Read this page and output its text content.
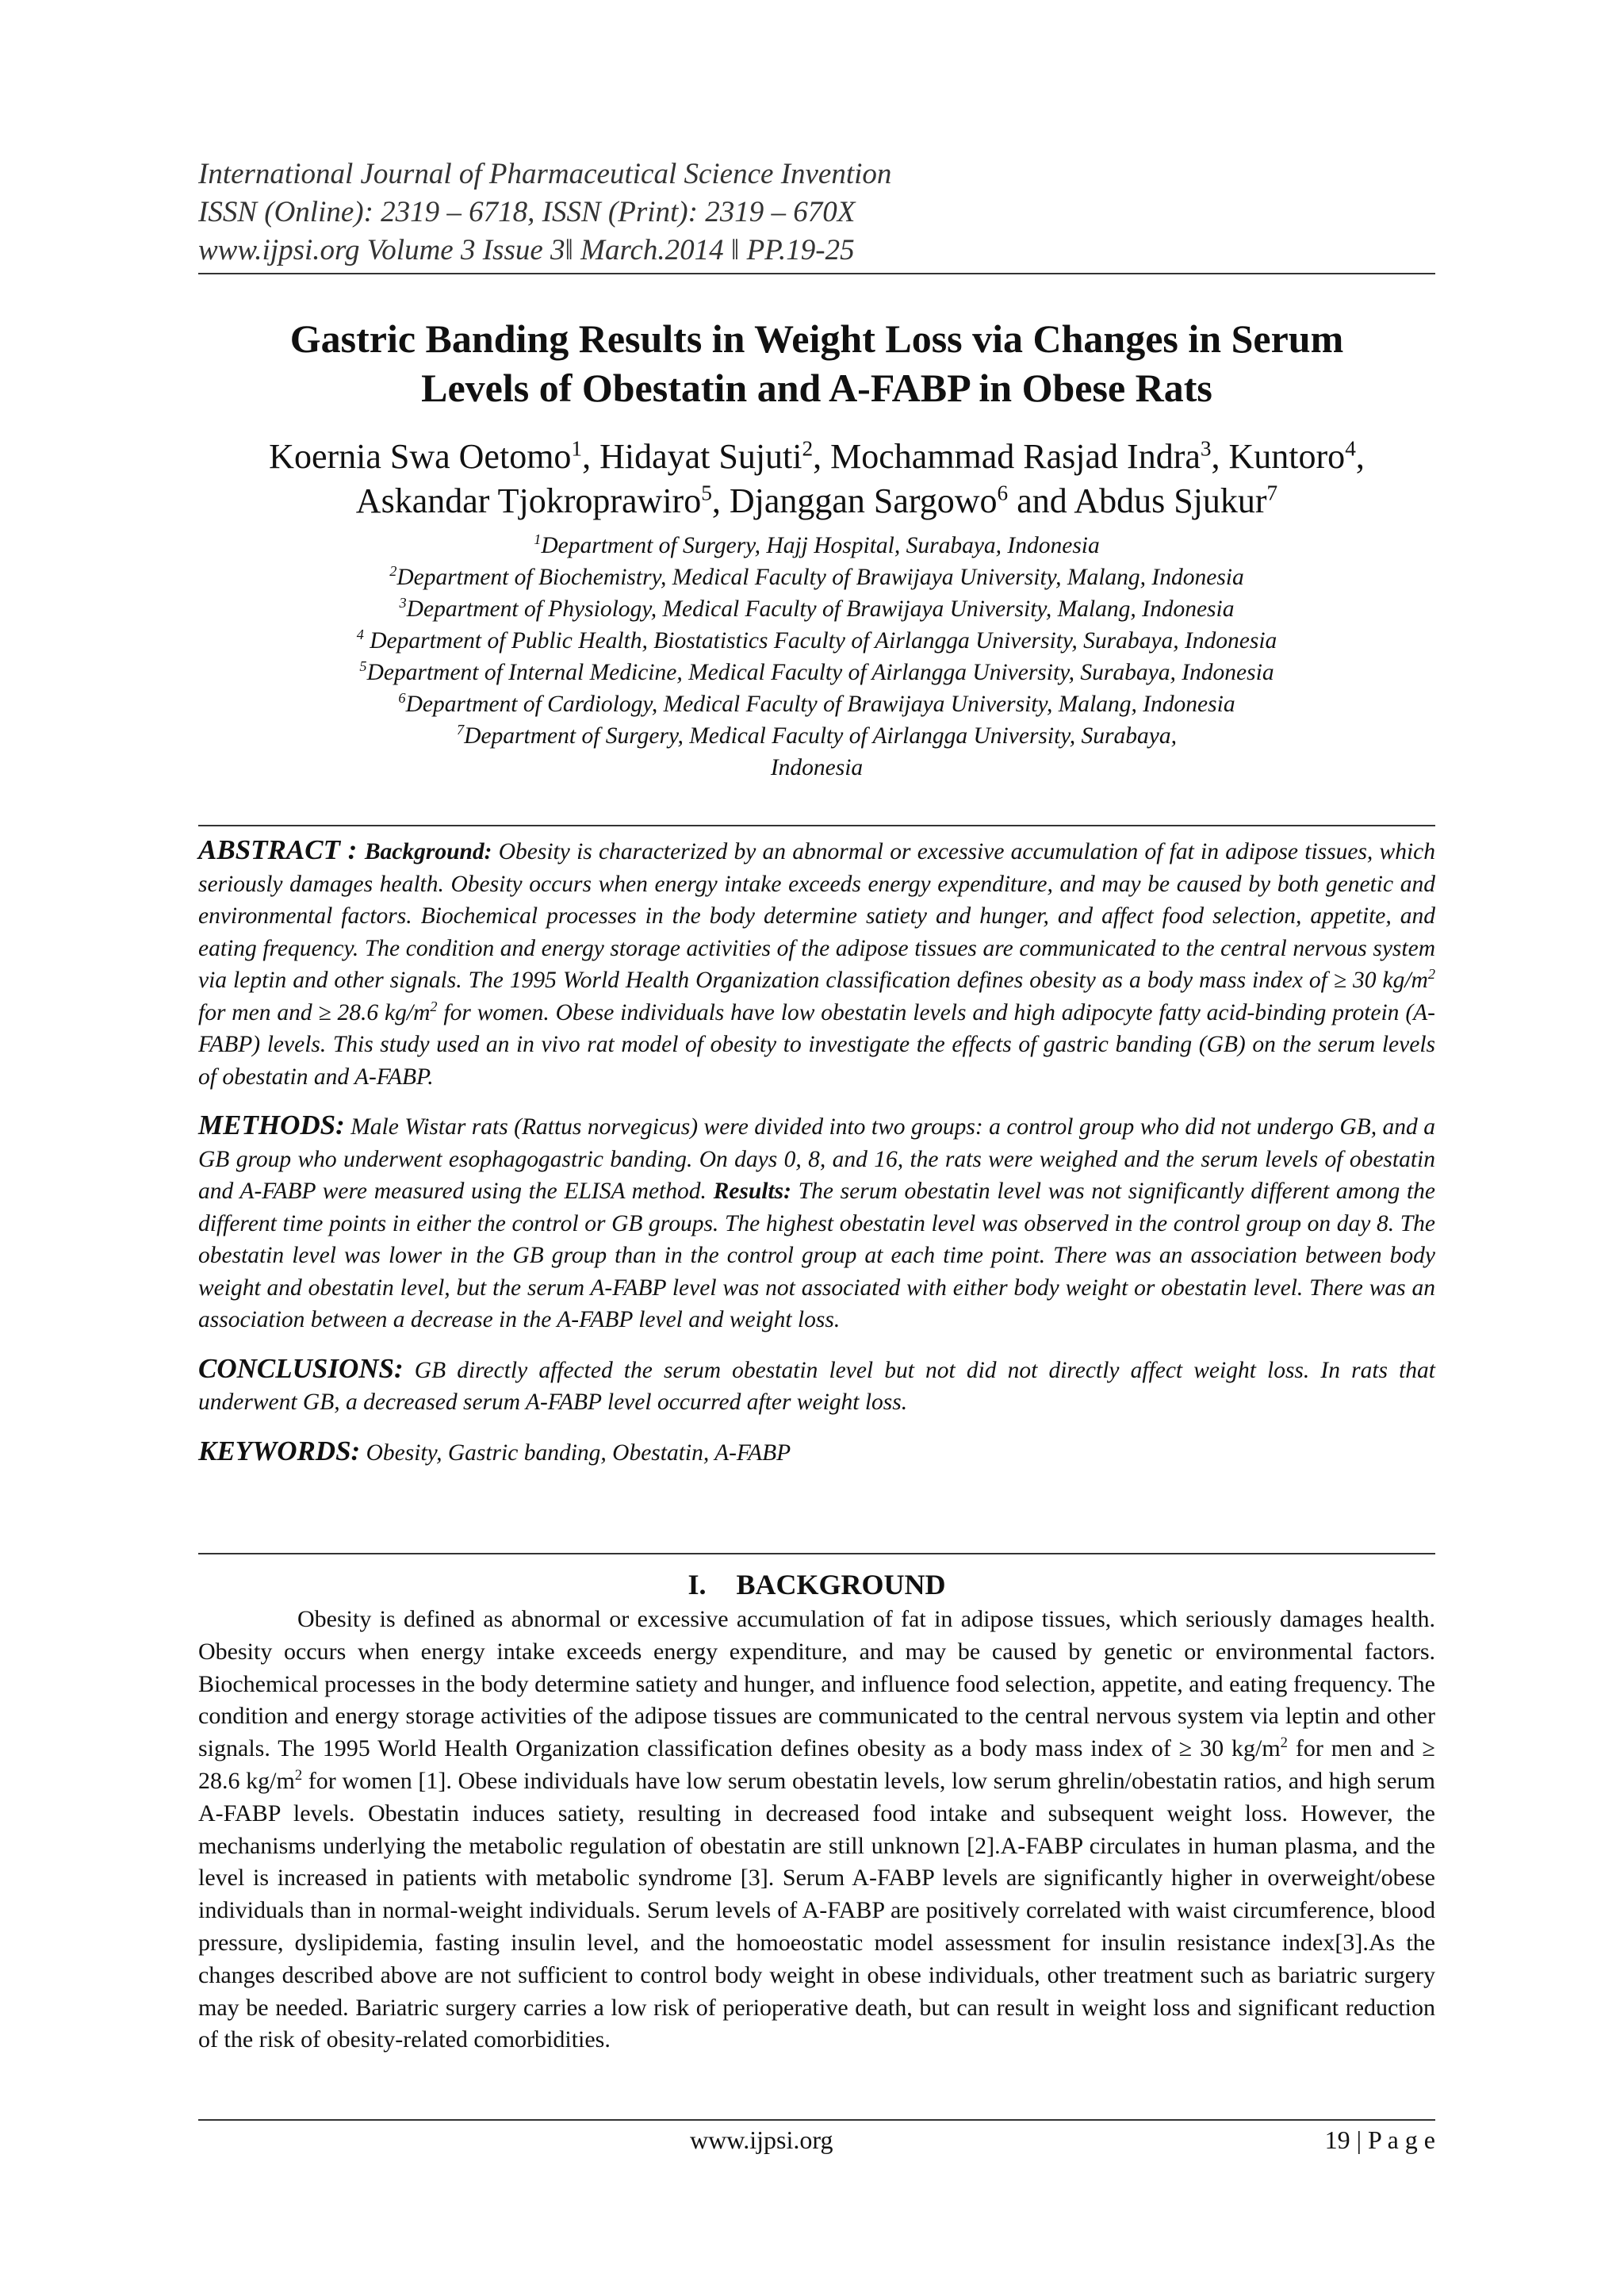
International Journal of Pharmaceutical Science Invention
ISSN (Online): 2319 – 6718, ISSN (Print): 2319 – 670X
www.ijpsi.org Volume 3 Issue 3‖ March.2014 ‖ PP.19-25
Gastric Banding Results in Weight Loss via Changes in Serum
Levels of Obestatin and A-FABP in Obese Rats
Koernia Swa Oetomo$^1$, Hidayat Sujuti$^2$, Mochammad Rasjad Indra$^3$, Kuntoro$^4$,
Askandar Tjokroprawiro$^5$, Djanggan Sargowo$^6$ and Abdus Sjukur$^7$
$^1$Department of Surgery, Hajj Hospital, Surabaya, Indonesia
$^2$Department of Biochemistry, Medical Faculty of Brawijaya University, Malang, Indonesia
$^3$Department of Physiology, Medical Faculty of Brawijaya University, Malang, Indonesia
$^4$ Department of Public Health, Biostatistics Faculty of Airlangga University, Surabaya, Indonesia
$^5$Department of Internal Medicine, Medical Faculty of Airlangga University, Surabaya, Indonesia
$^6$Department of Cardiology, Medical Faculty of Brawijaya University, Malang, Indonesia
$^7$Department of Surgery, Medical Faculty of Airlangga University, Surabaya,
Indonesia

ABSTRACT : Background: Obesity is characterized by an abnormal or excessive accumulation of fat in adipose tissues, which seriously damages health. Obesity occurs when energy intake exceeds energy expenditure, and may be caused by both genetic and environmental factors. Biochemical processes in the body determine satiety and hunger, and affect food selection, appetite, and eating frequency. The condition and energy storage activities of the adipose tissues are communicated to the central nervous system via leptin and other signals. The 1995 World Health Organization classification defines obesity as a body mass index of ≥ 30 $kg/m^2$ for men and ≥ 28.6 $kg/m^2$ for women. Obese individuals have low obestatin levels and high adipocyte fatty acid-binding protein (A-FABP) levels. This study used an in vivo rat model of obesity to investigate the effects of gastric banding (GB) on the serum levels of obestatin and A-FABP.

METHODS: Male Wistar rats (Rattus norvegicus) were divided into two groups: a control group who did not undergo GB, and a GB group who underwent esophagogastric banding. On days 0, 8, and 16, the rats were weighed and the serum levels of obestatin and A-FABP were measured using the ELISA method. Results: The serum obestatin level was not significantly different among the different time points in either the control or GB groups. The highest obestatin level was observed in the control group on day 8. The obestatin level was lower in the GB group than in the control group at each time point. There was an association between body weight and obestatin level, but the serum A-FABP level was not associated with either body weight or obestatin level. There was an association between a decrease in the A-FABP level and weight loss.

CONCLUSIONS: GB directly affected the serum obestatin level but not did not directly affect weight loss. In rats that underwent GB, a decreased serum A-FABP level occurred after weight loss.

KEYWORDS: Obesity, Gastric banding, Obestatin, A-FABP

I. BACKGROUND

Obesity is defined as abnormal or excessive accumulation of fat in adipose tissues, which seriously damages health. Obesity occurs when energy intake exceeds energy expenditure, and may be caused by genetic or environmental factors. Biochemical processes in the body determine satiety and hunger, and influence food selection, appetite, and eating frequency. The condition and energy storage activities of the adipose tissues are communicated to the central nervous system via leptin and other signals. The 1995 World Health Organization classification defines obesity as a body mass index of ≥ 30 $kg/m^2$ for men and ≥ 28.6 $kg/m^2$ for women [1]. Obese individuals have low serum obestatin levels, low serum ghrelin/obestatin ratios, and high serum A-FABP levels. Obestatin induces satiety, resulting in decreased food intake and subsequent weight loss. However, the mechanisms underlying the metabolic regulation of obestatin are still unknown [2].A-FABP circulates in human plasma, and the level is increased in patients with metabolic syndrome [3]. Serum A-FABP levels are significantly higher in overweight/obese individuals than in normal-weight individuals. Serum levels of A-FABP are positively correlated with waist circumference, blood pressure, dyslipidemia, fasting insulin level, and the homoeostatic model assessment for insulin resistance index[3].As the changes described above are not sufficient to control body weight in obese individuals, other treatment such as bariatric surgery may be needed. Bariatric surgery carries a low risk of perioperative death, but can result in weight loss and significant reduction of the risk of obesity-related comorbidities.

www.ijpsi.org	19 | P a g e
